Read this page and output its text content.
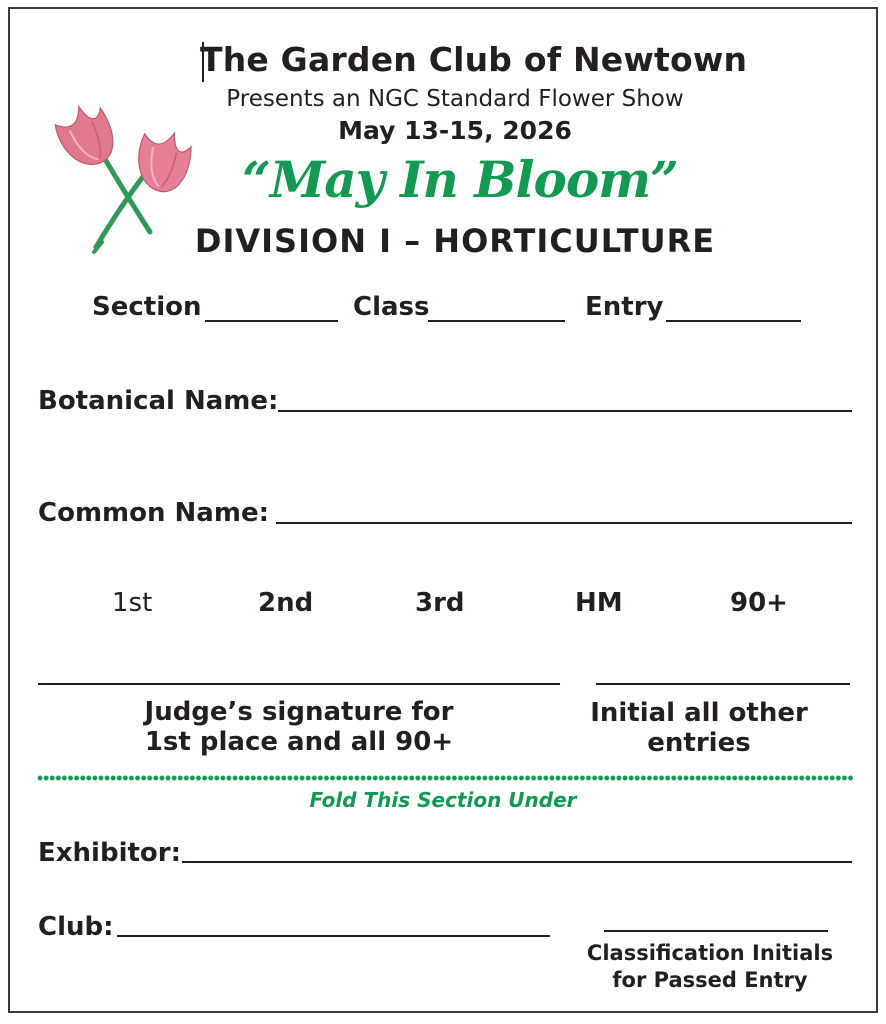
The Garden Club of Newtown
Presents an NGC Standard Flower Show
May 13-15, 2026
“May In Bloom”
DIVISION I – HORTICULTURE
Section	Class	Entry
Botanical Name:
Common Name:
1st	2nd	3rd	HM	90+
Judge’s signature for
1st place and all 90+
Initial all other
entries
Fold This Section Under
Exhibitor:
Club:
Classification Initials
for Passed Entry
